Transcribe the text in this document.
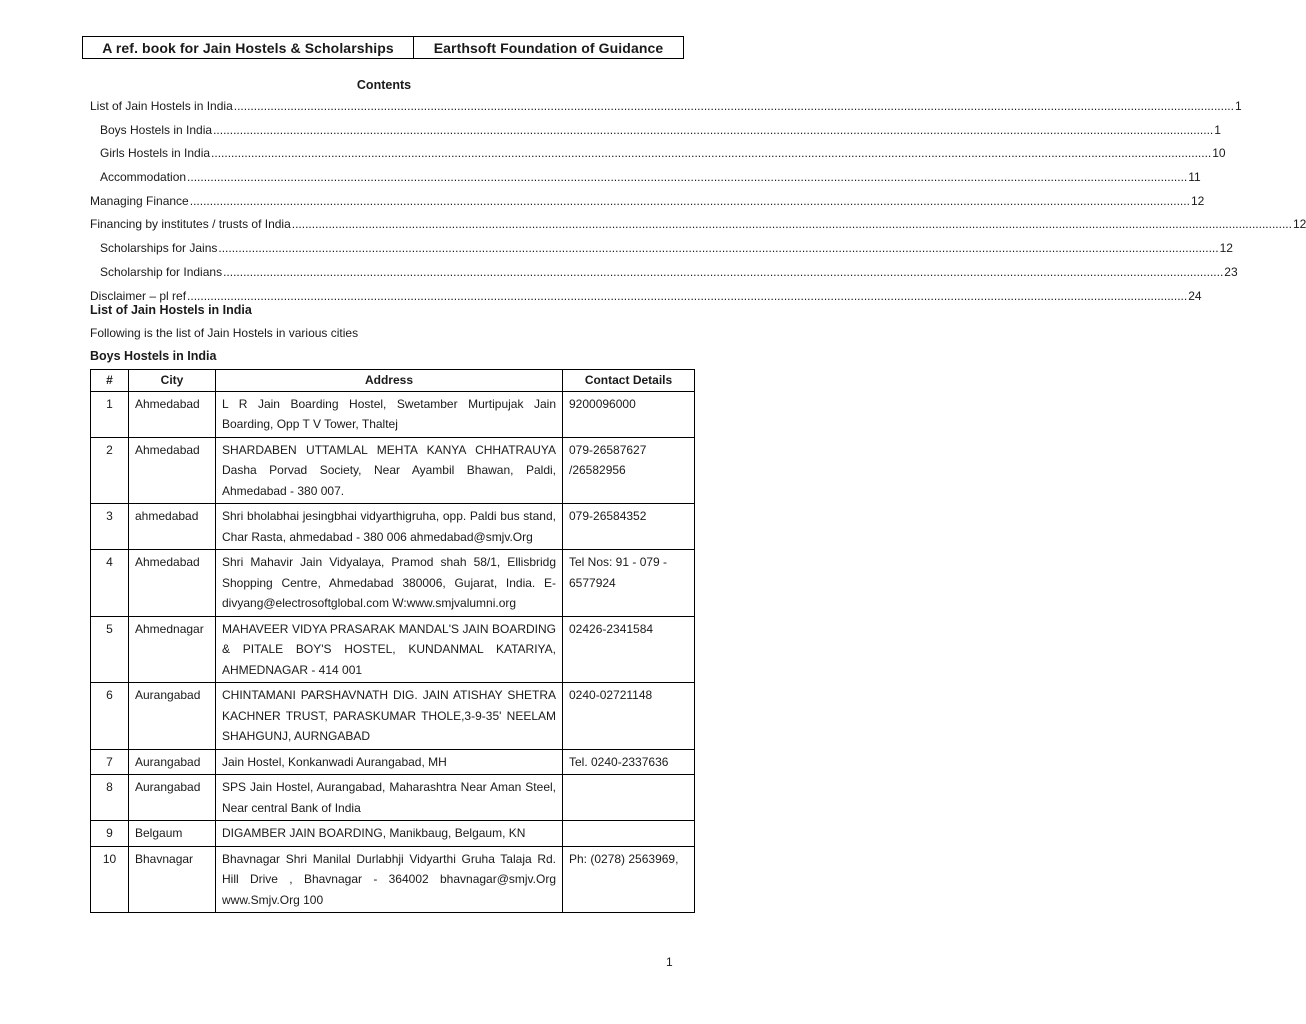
A ref. book for Jain Hostels & Scholarships	Earthsoft Foundation of Guidance
Contents
List of Jain Hostels in India ............................................................................................................................................................................................................................................................................................................ 1
Boys Hostels in India ............................................................................................................................................................................................................................................................................................................ 1
Girls Hostels in India ............................................................................................................................................................................................................................................................................................................ 10
Accommodation ............................................................................................................................................................................................................................................................................................................ 11
Managing Finance ............................................................................................................................................................................................................................................................................................................ 12
Financing by institutes / trusts of India ............................................................................................................................................................................................................................................................................................................ 12
Scholarships for Jains ............................................................................................................................................................................................................................................................................................................ 12
Scholarship for Indians ............................................................................................................................................................................................................................................................................................................ 23
Disclaimer – pl ref ............................................................................................................................................................................................................................................................................................................ 24
List of Jain Hostels in India
Following is the list of Jain Hostels in various cities
Boys Hostels in India
#	City	Address	Contact Details
1	Ahmedabad	L R Jain Boarding Hostel, Swetamber Murtipujak Jain Boarding, Opp T V Tower, Thaltej	9200096000
2	Ahmedabad	SHARDABEN UTTAMLAL MEHTA KANYA CHHATRAUYA Dasha Porvad Society, Near Ayambil Bhawan, Paldi, Ahmedabad - 380 007.	079-26587627 /26582956
3	ahmedabad	Shri bholabhai jesingbhai vidyarthigruha, opp. Paldi bus stand, Char Rasta, ahmedabad - 380 006 ahmedabad@smjv.Org	079-26584352
4	Ahmedabad	Shri Mahavir Jain Vidyalaya, Pramod shah 58/1, Ellisbridg Shopping Centre, Ahmedabad 380006, Gujarat, India. E- divyang@electrosoftglobal.com W:www.smjvalumni.org	Tel Nos: 91 - 079 - 6577924
5	Ahmednagar	MAHAVEER VIDYA PRASARAK MANDAL'S JAIN BOARDING & PITALE BOY'S HOSTEL, KUNDANMAL KATARIYA, AHMEDNAGAR - 414 001	02426-2341584
6	Aurangabad	CHINTAMANI PARSHAVNATH DIG. JAIN ATISHAY SHETRA KACHNER TRUST, PARASKUMAR THOLE,3-9-35' NEELAM SHAHGUNJ, AURNGABAD	0240-02721148
7	Aurangabad	Jain Hostel, Konkanwadi Aurangabad, MH	Tel. 0240-2337636
8	Aurangabad	SPS Jain Hostel, Aurangabad, Maharashtra Near Aman Steel, Near central Bank of India	
9	Belgaum	DIGAMBER JAIN BOARDING, Manikbaug, Belgaum, KN	
10	Bhavnagar	Bhavnagar Shri Manilal Durlabhji Vidyarthi Gruha Talaja Rd. Hill Drive , Bhavnagar - 364002 bhavnagar@smjv.Org www.Smjv.Org 100	Ph: (0278) 2563969,
1
